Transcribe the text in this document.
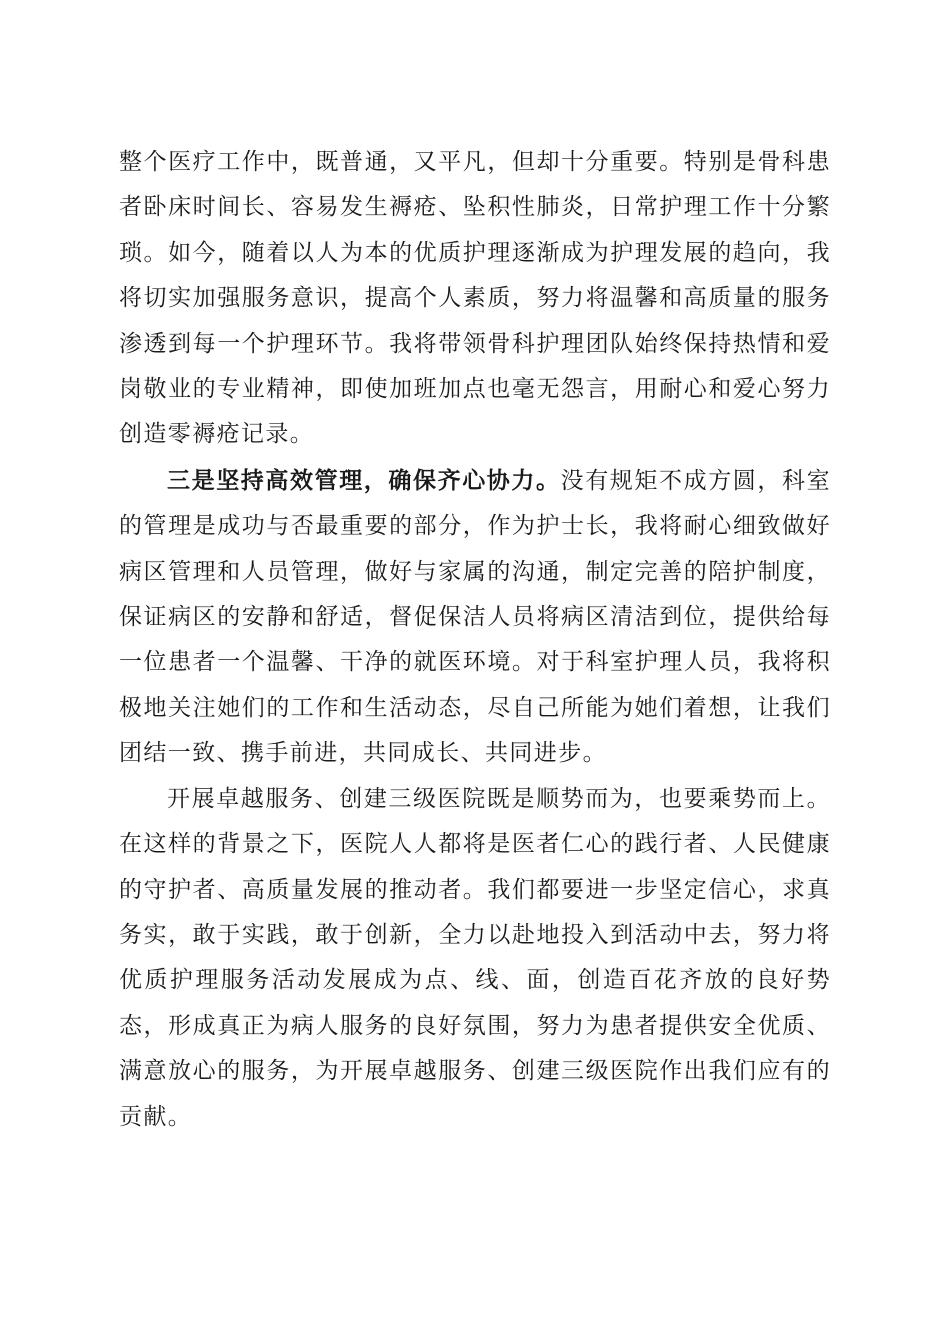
整个医疗工作中，既普通，又平凡，但却十分重要。特别是骨科患者卧床时间长、容易发生褥疮、坠积性肺炎，日常护理工作十分繁琐。如今，随着以人为本的优质护理逐渐成为护理发展的趋向，我将切实加强服务意识，提高个人素质，努力将温馨和高质量的服务渗透到每一个护理环节。我将带领骨科护理团队始终保持热情和爱岗敬业的专业精神，即使加班加点也毫无怨言，用耐心和爱心努力创造零褥疮记录。

三是坚持高效管理，确保齐心协力。没有规矩不成方圆，科室的管理是成功与否最重要的部分，作为护士长，我将耐心细致做好病区管理和人员管理，做好与家属的沟通，制定完善的陪护制度，保证病区的安静和舒适，督促保洁人员将病区清洁到位，提供给每一位患者一个温馨、干净的就医环境。对于科室护理人员，我将积极地关注她们的工作和生活动态，尽自己所能为她们着想，让我们团结一致、携手前进，共同成长、共同进步。

开展卓越服务、创建三级医院既是顺势而为，也要乘势而上。在这样的背景之下，医院人人都将是医者仁心的践行者、人民健康的守护者、高质量发展的推动者。我们都要进一步坚定信心，求真务实，敢于实践，敢于创新，全力以赴地投入到活动中去，努力将优质护理服务活动发展成为点、线、面，创造百花齐放的良好势态，形成真正为病人服务的良好氛围，努力为患者提供安全优质、满意放心的服务，为开展卓越服务、创建三级医院作出我们应有的贡献。
